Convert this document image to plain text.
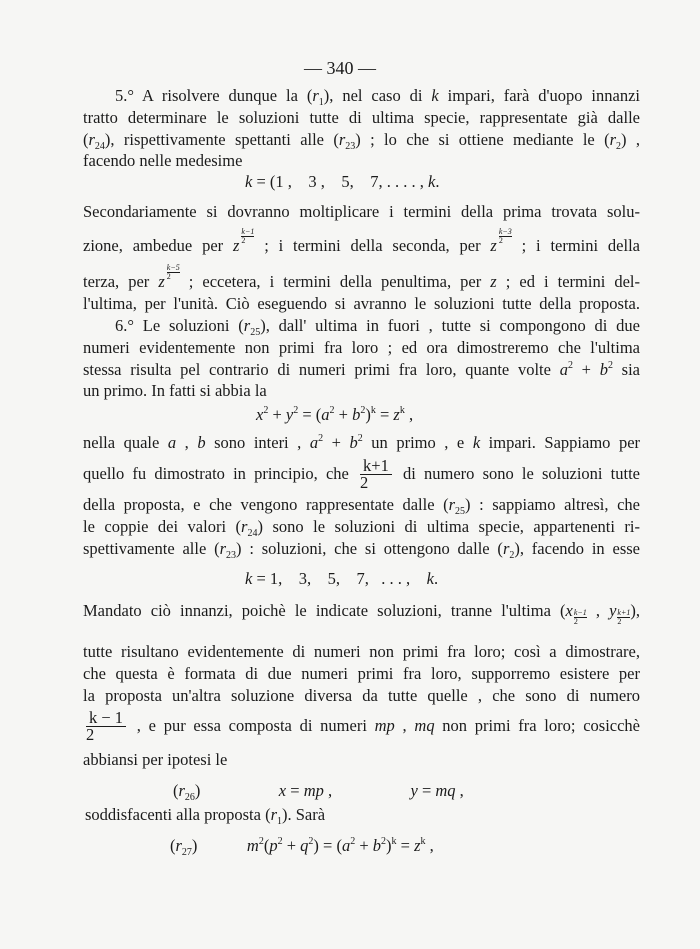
— 340 —
5.° A risolvere dunque la $(r_1)$, nel caso di k impari, farà d'uopo innanzi
tratto determinare le soluzioni tutte di ultima specie, rappresentate già dalle
$(r_{24})$, rispettivamente spettanti alle $(r_{23})$ ; lo che si ottiene mediante le $(r_2)$ ,
facendo nelle medesime
k = (1 ,    3 ,    5,    7, . . . . , k.
Secondariamente si dovranno moltiplicare i termini della prima trovata solu-
zione, ambedue per z $\frac{k-1}{2}$ ; i termini della seconda, per z $\frac{k-3}{2}$ ; i termini della
terza, per z $\frac{k-5}{2}$ ; eccetera, i termini della penultima, per z ; ed i termini del-
l'ultima, per l'unità. Ciò eseguendo si avranno le soluzioni tutte della proposta.
6.° Le soluzioni $(r_{25})$, dall' ultima in fuori , tutte si compongono di due
numeri evidentemente non primi fra loro ; ed ora dimostreremo che l'ultima
stessa risulta pel contrario di numeri primi fra loro, quante volte $a^2 + b^2$ sia
un primo. In fatti si abbia la
$x^2 + y^2 = (a^2 + b^2)^k = z^k$ ,
nella quale a , b sono interi , $a^2 + b^2$ un primo , e k impari. Sappiamo per
quello fu dimostrato in principio, che $\frac{k+1}{2}$ di numero sono le soluzioni tutte
della proposta, e che vengono rappresentate dalle $(r_{25})$ : sappiamo altresì, che
le coppie dei valori $(r_{24})$ sono le soluzioni di ultima specie, appartenenti ri-
spettivamente alle $(r_{23})$ : soluzioni, che si ottengono dalle $(r_2)$, facendo in esse
k = 1,    3,    5,    7,   . . . ,    k.
Mandato ciò innanzi, poichè le indicate soluzioni, tranne l'ultima ($x \frac{k-1}{2}$ , y $\frac{k+1}{2}$ ),
tutte risultano evidentemente di numeri non primi fra loro; così a dimostrare,
che questa è formata di due numeri primi fra loro, supporremo esistere per
la proposta un'altra soluzione diversa da tutte quelle , che sono di numero
$\frac{k - 1}{2}$ , e pur essa composta di numeri mp , mq non primi fra loro; cosicchè
abbiansi per ipotesi le
$(r_{26})$                   x = mp ,                   y = mq ,
soddisfacenti alla proposta $(r_1)$. Sarà
$(r_{27})$            $m^2(p^2 + q^2) = (a^2 + b^2)^k = z^k$ ,
